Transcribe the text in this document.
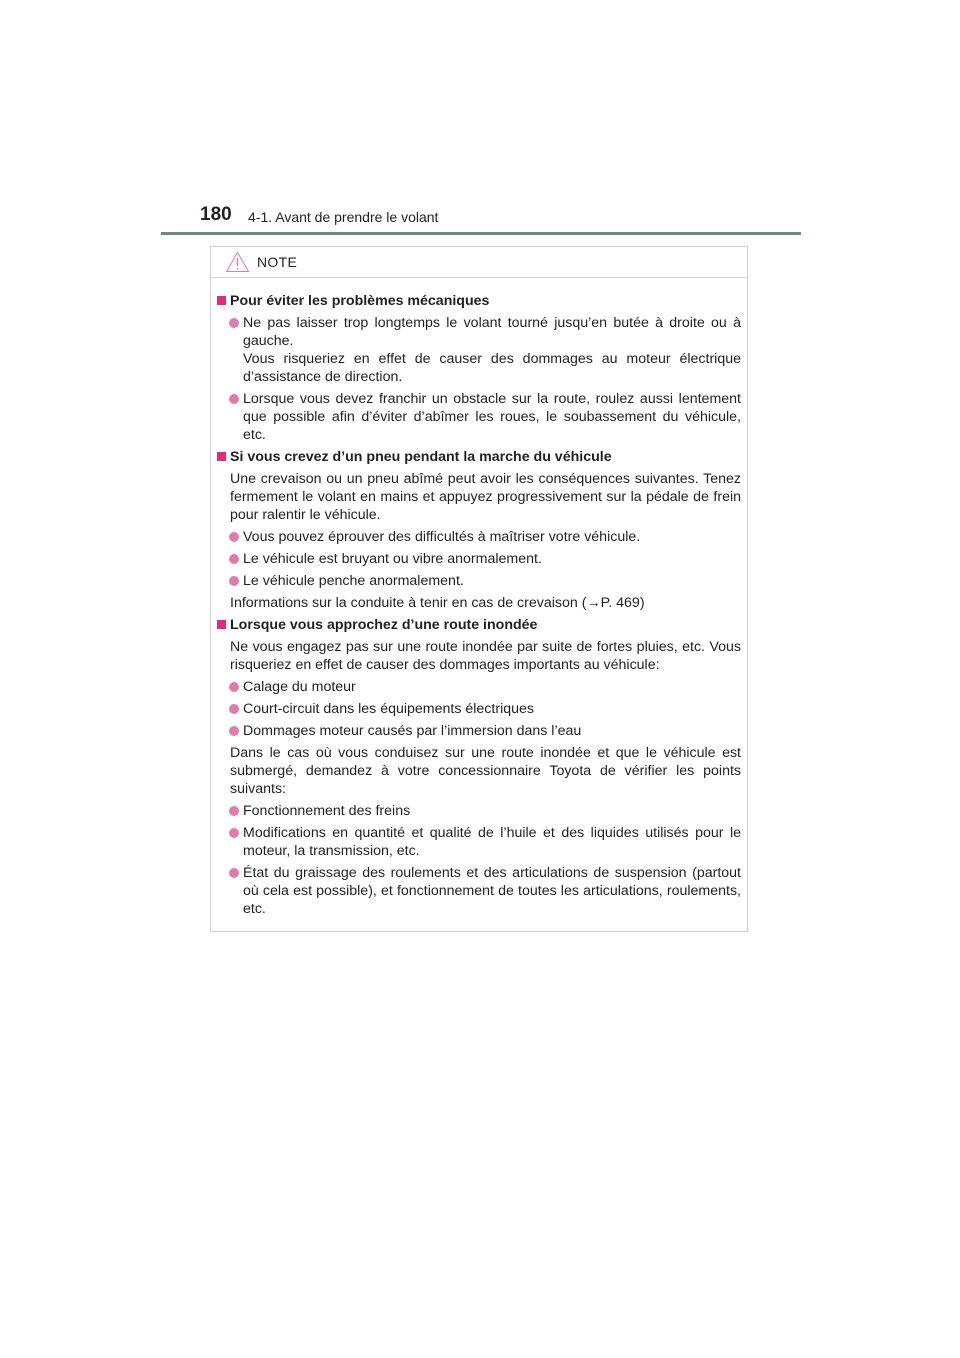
180 4-1. Avant de prendre le volant
NOTE
Pour éviter les problèmes mécaniques
Ne pas laisser trop longtemps le volant tourné jusqu’en butée à droite ou à gauche.
Vous risqueriez en effet de causer des dommages au moteur électrique d’assistance de direction.
Lorsque vous devez franchir un obstacle sur la route, roulez aussi lentement que possible afin d’éviter d’abîmer les roues, le soubassement du véhicule, etc.
Si vous crevez d’un pneu pendant la marche du véhicule
Une crevaison ou un pneu abîmé peut avoir les conséquences suivantes. Tenez fermement le volant en mains et appuyez progressivement sur la pédale de frein pour ralentir le véhicule.
Vous pouvez éprouver des difficultés à maîtriser votre véhicule.
Le véhicule est bruyant ou vibre anormalement.
Le véhicule penche anormalement.
Informations sur la conduite à tenir en cas de crevaison (→P. 469)
Lorsque vous approchez d’une route inondée
Ne vous engagez pas sur une route inondée par suite de fortes pluies, etc. Vous risqueriez en effet de causer des dommages importants au véhicule:
Calage du moteur
Court-circuit dans les équipements électriques
Dommages moteur causés par l’immersion dans l’eau
Dans le cas où vous conduisez sur une route inondée et que le véhicule est submergé, demandez à votre concessionnaire Toyota de vérifier les points suivants:
Fonctionnement des freins
Modifications en quantité et qualité de l’huile et des liquides utilisés pour le moteur, la transmission, etc.
État du graissage des roulements et des articulations de suspension (partout où cela est possible), et fonctionnement de toutes les articulations, roulements, etc.
